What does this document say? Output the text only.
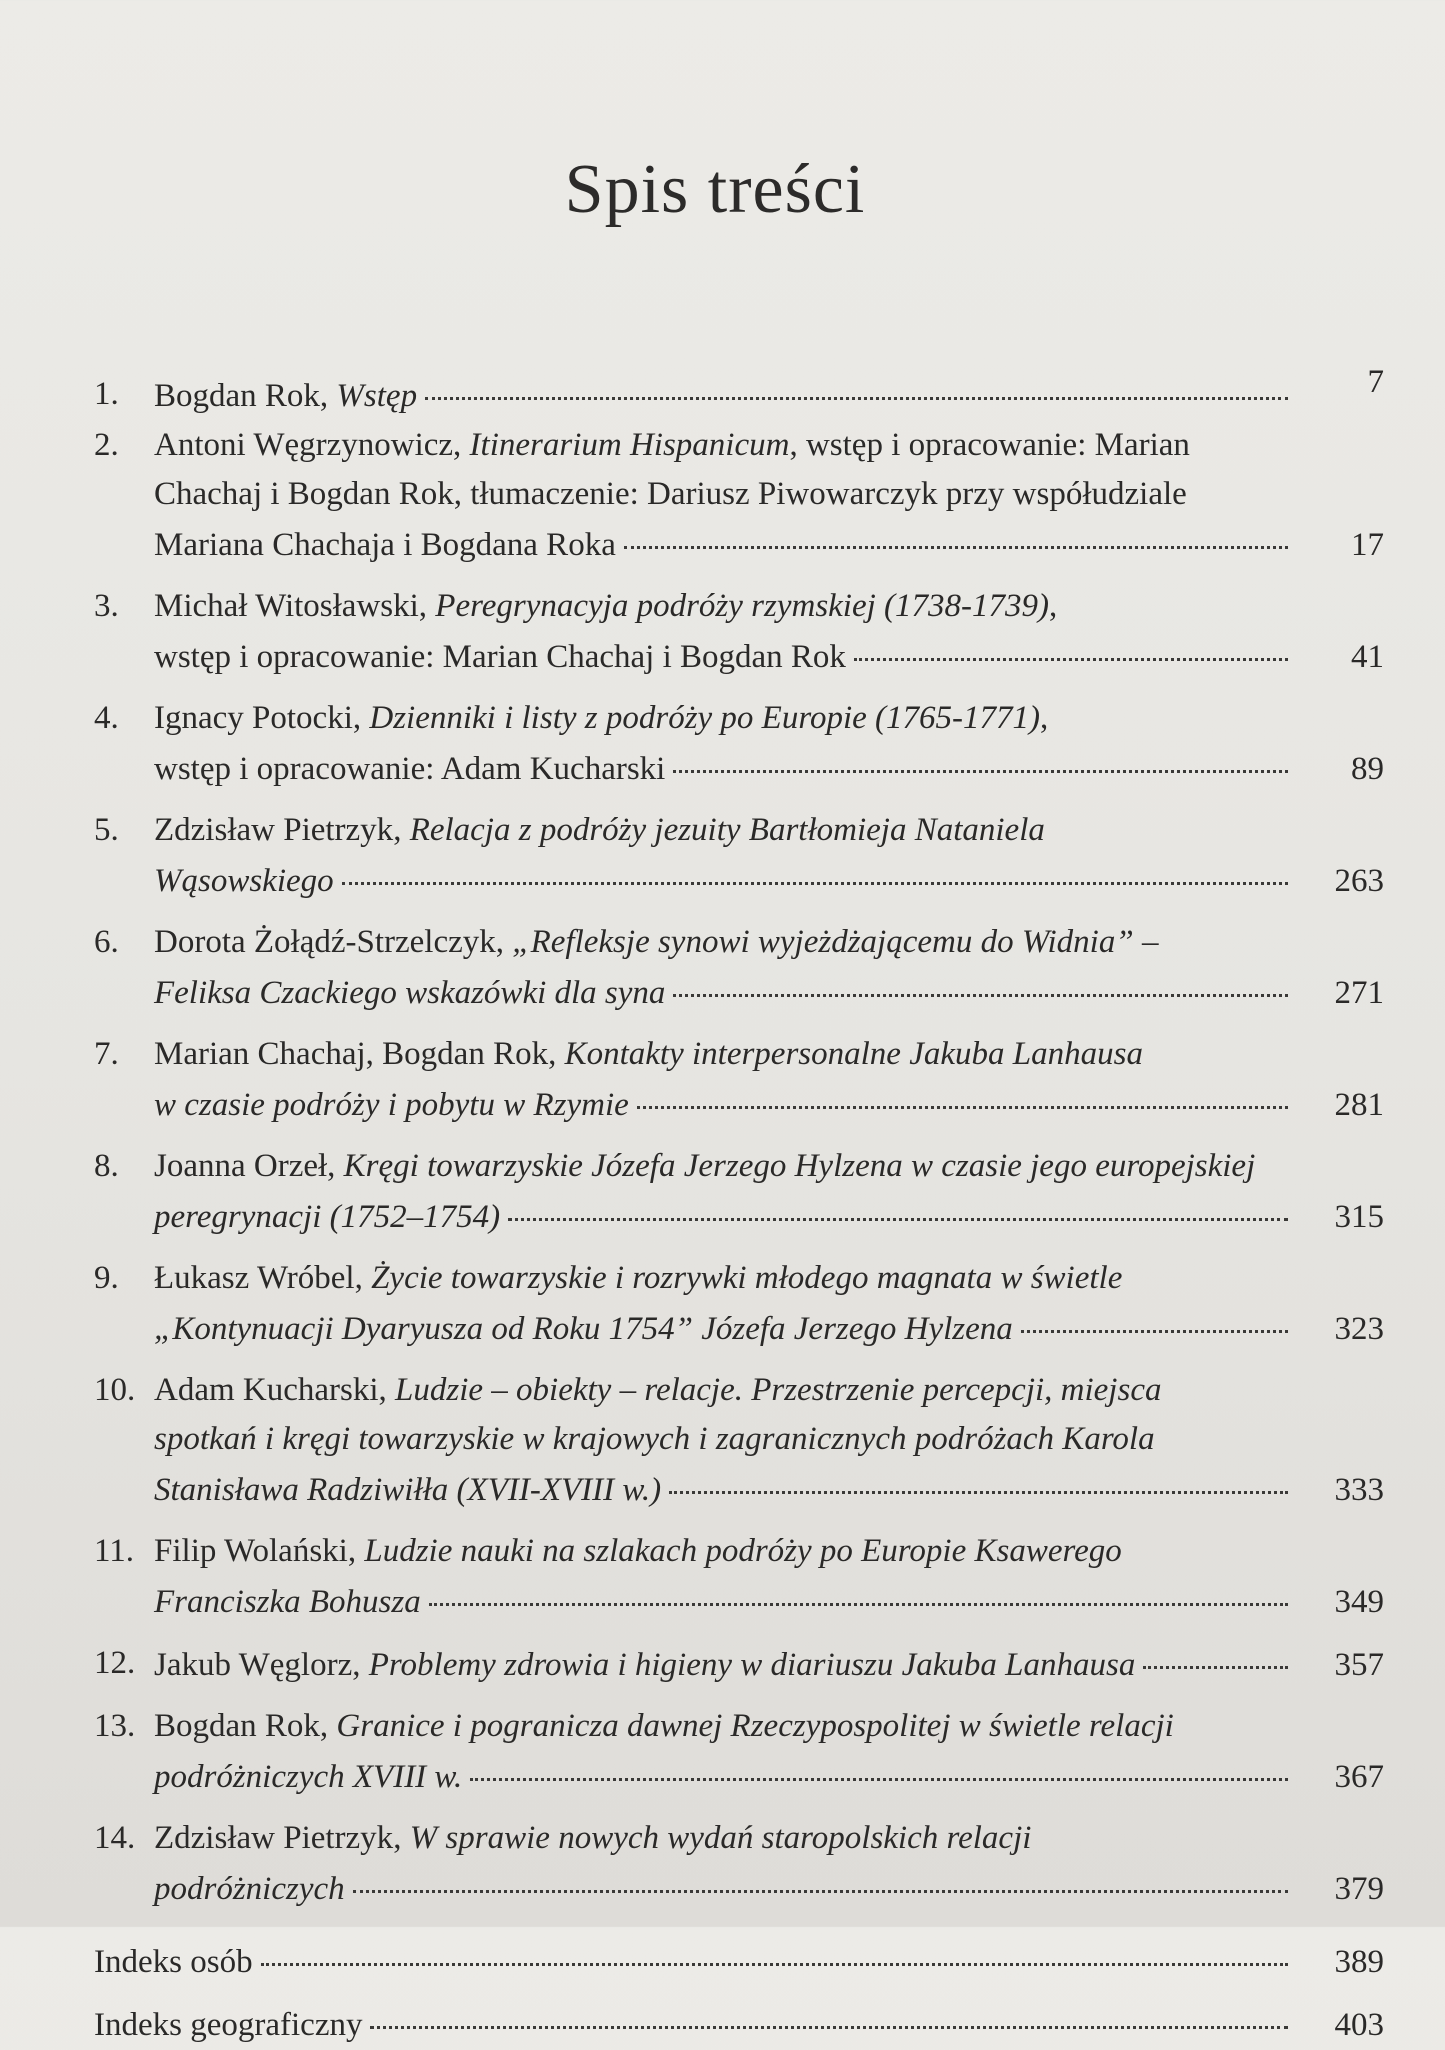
Spis treści
1.	Bogdan Rok , Wstęp	7
2.	Antoni Węgrzynowicz, Itinerarium Hispanicum, wstęp i opracowanie: Marian
Chachaj i Bogdan Rok, tłumaczenie: Dariusz Piwowarczyk przy współudziale
Mariana Chachaja i Bogdana Roka	17
3.	Michał Witosławski , Peregrynacyja podróży rzymskiej (1738-1739) ,
wstęp i opracowanie: Marian Chachaj i Bogdan Rok	41
4.	Ignacy Potocki , Dzienniki i listy z podróży po Europie (1765-1771) ,
wstęp i opracowanie: Adam Kucharski	89
5.	Zdzisław Pietrzyk , Relacja z podróży jezuity Bartłomieja Nataniela
Wąsowskiego	263
6.	Dorota Żołądź-Strzelczyk , „Refleksje synowi wyjeżdżającemu do Widnia” –
Feliksa Czackiego wskazówki dla syna	271
7.	Marian Chachaj, Bogdan Rok , Kontakty interpersonalne Jakuba Lanhausa
w czasie podróży i pobytu w Rzymie	281
8.	Joanna Orzeł , Kręgi towarzyskie Józefa Jerzego Hylzena w czasie jego europejskiej
peregrynacji (1752–1754)	315
9.	Łukasz Wróbel , Życie towarzyskie i rozrywki młodego magnata w świetle
„Kontynuacji Dyaryusza od Roku 1754” Józefa Jerzego Hylzena	323
10. Adam Kucharski , Ludzie – obiekty – relacje. Przestrzenie percepcji, miejsca
spotkań i kręgi towarzyskie w krajowych i zagranicznych podróżach Karola
Stanisława Radziwiłła (XVII-XVIII w.)	333
11. Filip Wolański , Ludzie nauki na szlakach podróży po Europie Ksawerego
Franciszka Bohusza	349
12. Jakub Węglorz , Problemy zdrowia i higieny w diariuszu Jakuba Lanhausa	357
13. Bogdan Rok , Granice i pogranicza dawnej Rzeczypospolitej w świetle relacji
podróżniczych XVIII w.	367
14. Zdzisław Pietrzyk , W sprawie nowych wydań staropolskich relacji
podróżniczych	379
Indeks osób	389
Indeks geograficzny	403
